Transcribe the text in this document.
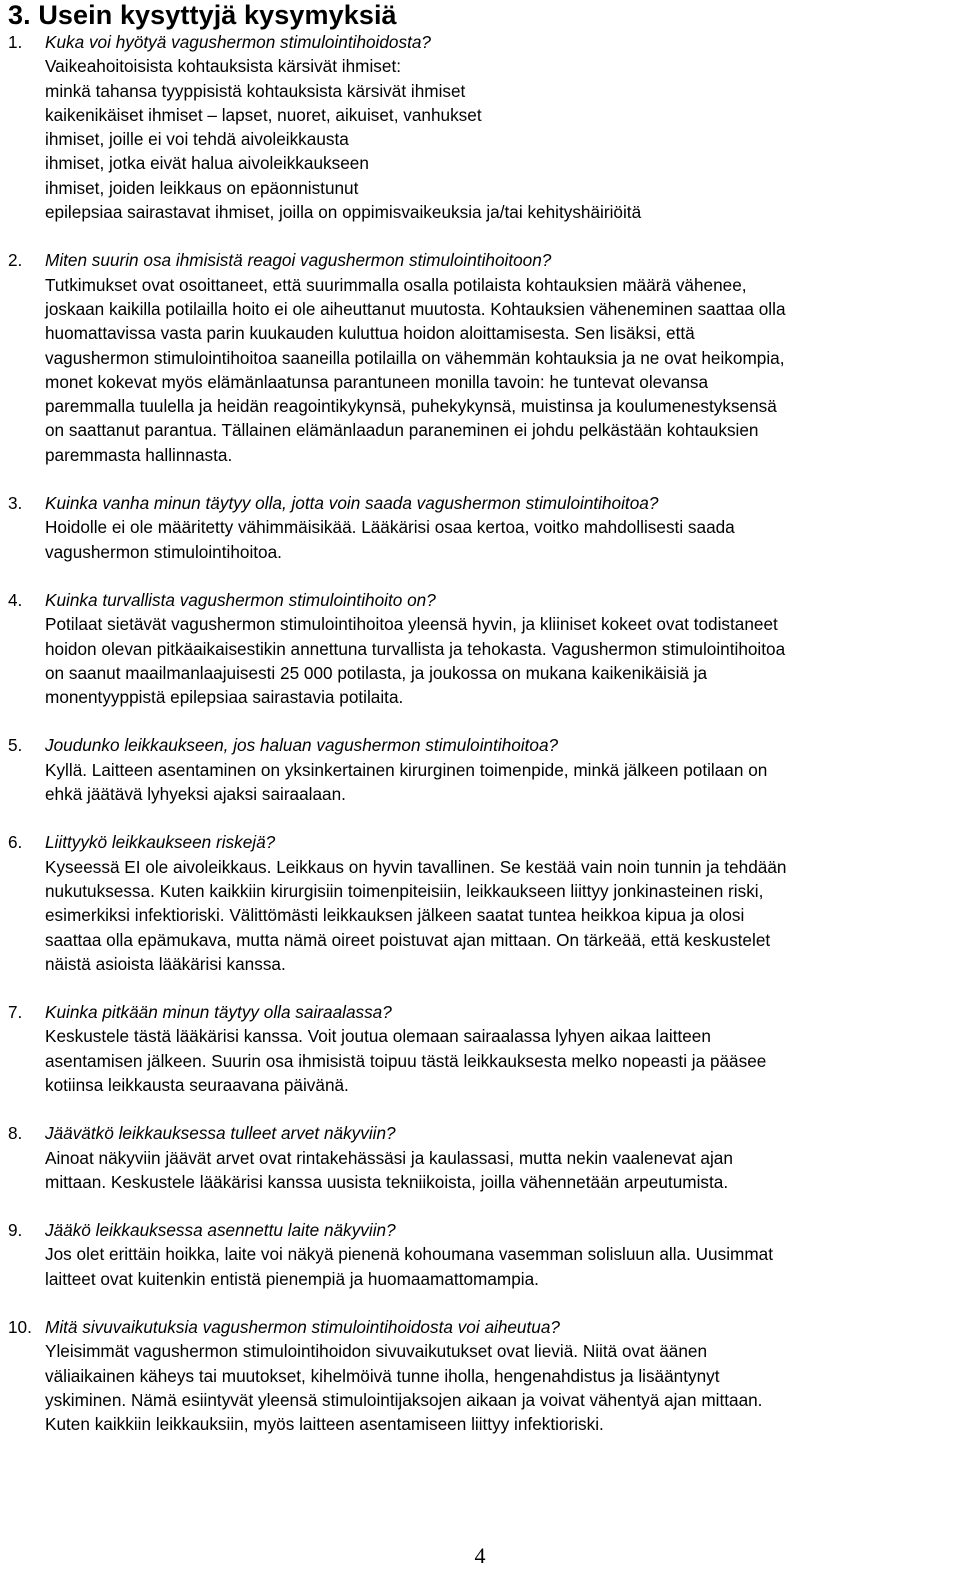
3. Usein kysyttyjä kysymyksiä
1. Kuka voi hyötyä vagushermon stimulointihoidosta?
Vaikeahoitoisista kohtauksista kärsivät ihmiset:
minkä tahansa tyyppisistä kohtauksista kärsivät ihmiset
kaikenikäiset ihmiset – lapset, nuoret, aikuiset, vanhukset
ihmiset, joille ei voi tehdä aivoleikkausta
ihmiset, jotka eivät halua aivoleikkaukseen
ihmiset, joiden leikkaus on epäonnistunut
epilepsiaa sairastavat ihmiset, joilla on oppimisvaikeuksia ja/tai kehityshäiriöitä
2. Miten suurin osa ihmisistä reagoi vagushermon stimulointihoitoon?
Tutkimukset ovat osoittaneet, että suurimmalla osalla potilaista kohtauksien määrä vähenee,
joskaan kaikilla potilailla hoito ei ole aiheuttanut muutosta. Kohtauksien väheneminen saattaa olla
huomattavissa vasta parin kuukauden kuluttua hoidon aloittamisesta. Sen lisäksi, että
vagushermon stimulointihoitoa saaneilla potilailla on vähemmän kohtauksia ja ne ovat heikompia,
monet kokevat myös elämänlaatunsa parantuneen monilla tavoin: he tuntevat olevansa
paremmalla tuulella ja heidän reagointikykynsä, puhekykynsä, muistinsa ja koulumenestyksensä
on saattanut parantua. Tällainen elämänlaadun paraneminen ei johdu pelkästään kohtauksien
paremmasta hallinnasta.
3. Kuinka vanha minun täytyy olla, jotta voin saada vagushermon stimulointihoitoa?
Hoidolle ei ole määritetty vähimmäisikää. Lääkärisi osaa kertoa, voitko mahdollisesti saada
vagushermon stimulointihoitoa.
4. Kuinka turvallista vagushermon stimulointihoito on?
Potilaat sietävät vagushermon stimulointihoitoa yleensä hyvin, ja kliiniset kokeet ovat todistaneet
hoidon olevan pitkäaikaisestikin annettuna turvallista ja tehokasta. Vagushermon stimulointihoitoa
on saanut maailmanlaajuisesti 25 000 potilasta, ja joukossa on mukana kaikenikäisiä ja
monentyyppistä epilepsiaa sairastavia potilaita.
5. Joudunko leikkaukseen, jos haluan vagushermon stimulointihoitoa?
Kyllä. Laitteen asentaminen on yksinkertainen kirurginen toimenpide, minkä jälkeen potilaan on
ehkä jäätävä lyhyeksi ajaksi sairaalaan.
6. Liittyykö leikkaukseen riskejä?
Kyseessä EI ole aivoleikkaus. Leikkaus on hyvin tavallinen. Se kestää vain noin tunnin ja tehdään
nukutuksessa. Kuten kaikkiin kirurgisiin toimenpiteisiin, leikkaukseen liittyy jonkinasteinen riski,
esimerkiksi infektioriski. Välittömästi leikkauksen jälkeen saatat tuntea heikkoa kipua ja olosi
saattaa olla epämukava, mutta nämä oireet poistuvat ajan mittaan. On tärkeää, että keskustelet
näistä asioista lääkärisi kanssa.
7. Kuinka pitkään minun täytyy olla sairaalassa?
Keskustele tästä lääkärisi kanssa. Voit joutua olemaan sairaalassa lyhyen aikaa laitteen
asentamisen jälkeen. Suurin osa ihmisistä toipuu tästä leikkauksesta melko nopeasti ja pääsee
kotiinsa leikkausta seuraavana päivänä.
8. Jäävätkö leikkauksessa tulleet arvet näkyviin?
Ainoat näkyviin jäävät arvet ovat rintakehässäsi ja kaulassasi, mutta nekin vaalenevat ajan
mittaan. Keskustele lääkärisi kanssa uusista tekniikoista, joilla vähennetään arpeutumista.
9. Jääkö leikkauksessa asennettu laite näkyviin?
Jos olet erittäin hoikka, laite voi näkyä pienenä kohoumana vasemman solisluun alla. Uusimmat
laitteet ovat kuitenkin entistä pienempiä ja huomaamattomampia.
10. Mitä sivuvaikutuksia vagushermon stimulointihoidosta voi aiheutua?
Yleisimmät vagushermon stimulointihoidon sivuvaikutukset ovat lieviä. Niitä ovat äänen
väliaikainen käheys tai muutokset, kihelmöivä tunne iholla, hengenahdistus ja lisääntynyt
yskiminen. Nämä esiintyvät yleensä stimulointijaksojen aikaan ja voivat vähentyä ajan mittaan.
Kuten kaikkiin leikkauksiin, myös laitteen asentamiseen liittyy infektioriski.
4
